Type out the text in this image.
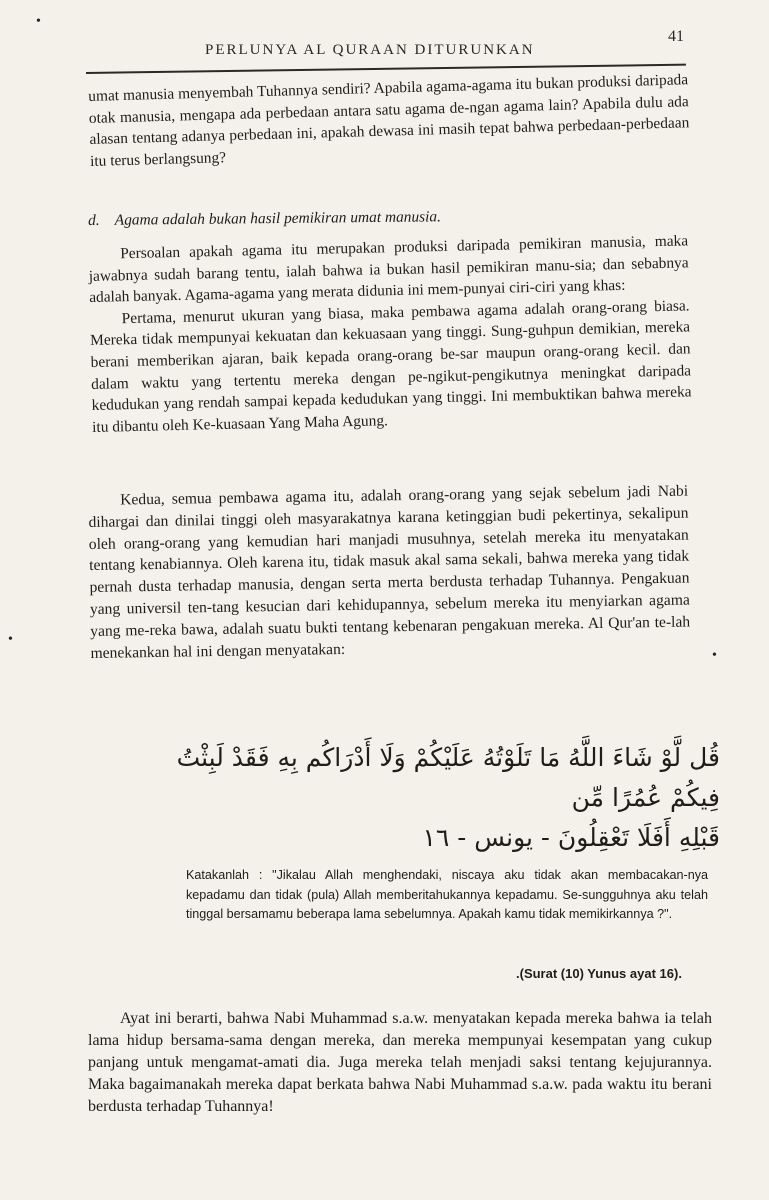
•
•
•
PERLUNYA AL QURAAN DITURUNKAN
41
umat manusia menyembah Tuhannya sendiri? Apabila agama-agama itu bukan produksi daripada otak manusia, mengapa ada perbedaan antara satu agama de-ngan agama lain? Apabila dulu ada alasan tentang adanya perbedaan ini, apakah dewasa ini masih tepat bahwa perbedaan-perbedaan itu terus berlangsung?
d. Agama adalah bukan hasil pemikiran umat manusia.

Persoalan apakah agama itu merupakan produksi daripada pemikiran manusia, maka jawabnya sudah barang tentu, ialah bahwa ia bukan hasil pemikiran manu-sia; dan sebabnya adalah banyak. Agama-agama yang merata didunia ini mem-punyai ciri-ciri yang khas:

Pertama, menurut ukuran yang biasa, maka pembawa agama adalah orang-orang biasa. Mereka tidak mempunyai kekuatan dan kekuasaan yang tinggi. Sung-guhpun demikian, mereka berani memberikan ajaran, baik kepada orang-orang be-sar maupun orang-orang kecil. dan dalam waktu yang tertentu mereka dengan pe-ngikut-pengikutnya meningkat daripada kedudukan yang rendah sampai kepada kedudukan yang tinggi. Ini membuktikan bahwa mereka itu dibantu oleh Ke-kuasaan Yang Maha Agung.

Kedua, semua pembawa agama itu, adalah orang-orang yang sejak sebelum jadi Nabi dihargai dan dinilai tinggi oleh masyarakatnya karana ketinggian budi pekertinya, sekalipun oleh orang-orang yang kemudian hari manjadi musuhnya, setelah mereka itu menyatakan tentang kenabiannya. Oleh karena itu, tidak masuk akal sama sekali, bahwa mereka yang tidak pernah dusta terhadap manusia, dengan serta merta berdusta terhadap Tuhannya. Pengakuan yang universil ten-tang kesucian dari kehidupannya, sebelum mereka itu menyiarkan agama yang me-reka bawa, adalah suatu bukti tentang kebenaran pengakuan mereka. Al Qur'an te-lah menekankan hal ini dengan menyatakan:

قُل لَّوْ شَاءَ اللَّهُ مَا تَلَوْتُهُ عَلَيْكُمْ وَلَا أَدْرَاكُم بِهِ فَقَدْ لَبِثْتُ فِيكُمْ عُمُرًا مِّن
قَبْلِهِ أَفَلَا تَعْقِلُونَ - يونس - ١٦
Katakanlah : "Jikalau Allah menghendaki, niscaya aku tidak akan membacakan-nya kepadamu dan tidak (pula) Allah memberitahukannya kepadamu. Se-sungguhnya aku telah tinggal bersamamu beberapa lama sebelumnya. Apakah kamu tidak memikirkannya ?".
.(Surat (10) Yunus ayat 16).

Ayat ini berarti, bahwa Nabi Muhammad s.a.w. menyatakan kepada mereka bahwa ia telah lama hidup bersama-sama dengan mereka, dan mereka mempunyai kesempatan yang cukup panjang untuk mengamat-amati dia. Juga mereka telah menjadi saksi tentang kejujurannya. Maka bagaimanakah mereka dapat berkata bahwa Nabi Muhammad s.a.w. pada waktu itu berani berdusta terhadap Tuhannya!
